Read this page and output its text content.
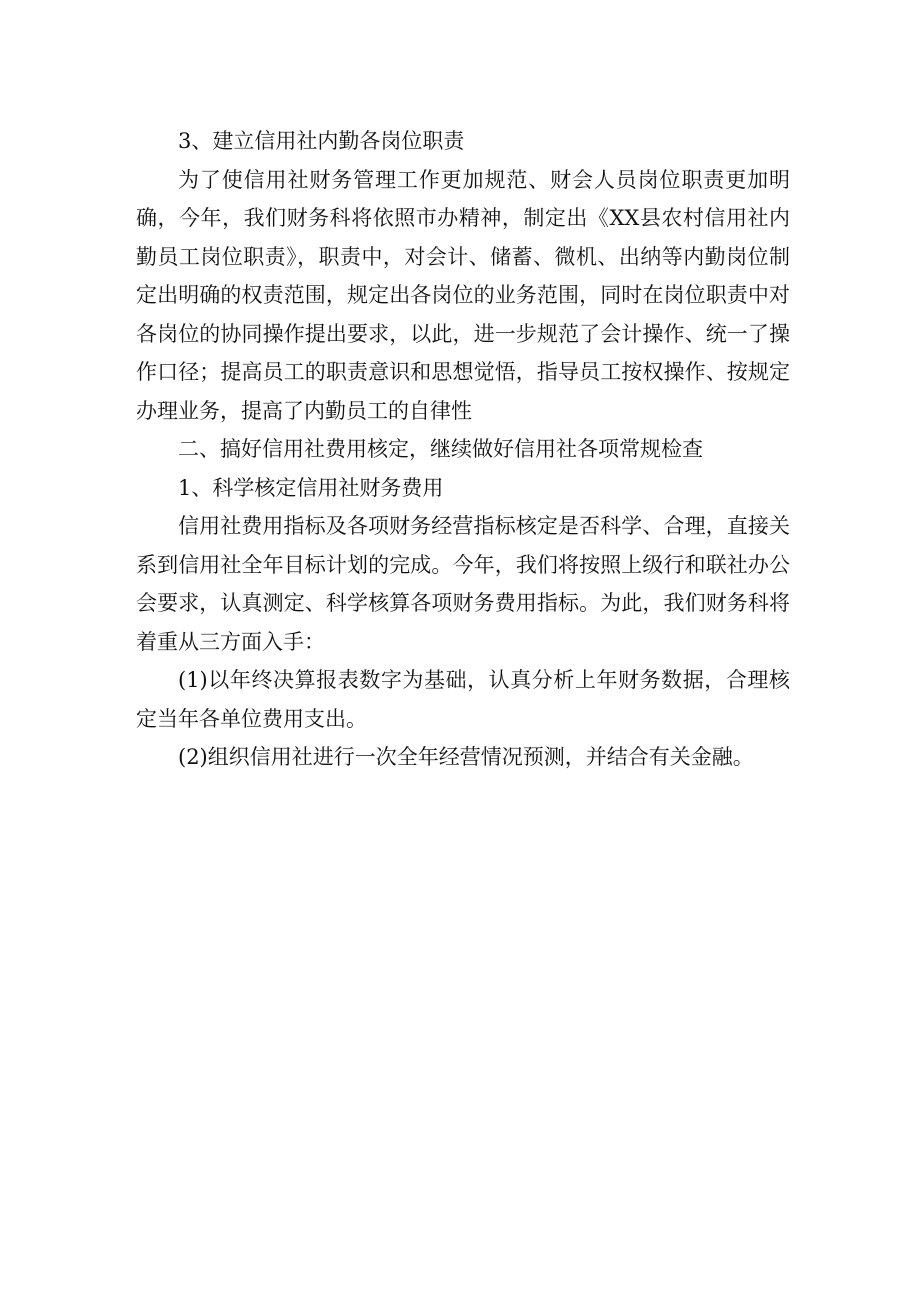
3、建立信用社内勤各岗位职责

为了使信用社财务管理工作更加规范、财会人员岗位职责更加明确，今年，我们财务科将依照市办精神，制定出《XX县农村信用社内勤员工岗位职责》，职责中，对会计、储蓄、微机、出纳等内勤岗位制定出明确的权责范围，规定出各岗位的业务范围，同时在岗位职责中对各岗位的协同操作提出要求，以此，进一步规范了会计操作、统一了操作口径；提高员工的职责意识和思想觉悟，指导员工按权操作、按规定办理业务，提高了内勤员工的自律性

二、搞好信用社费用核定，继续做好信用社各项常规检查

1、科学核定信用社财务费用

信用社费用指标及各项财务经营指标核定是否科学、合理，直接关系到信用社全年目标计划的完成。今年，我们将按照上级行和联社办公会要求，认真测定、科学核算各项财务费用指标。为此，我们财务科将着重从三方面入手：

(1)以年终决算报表数字为基础，认真分析上年财务数据，合理核定当年各单位费用支出。

(2)组织信用社进行一次全年经营情况预测，并结合有关金融。
